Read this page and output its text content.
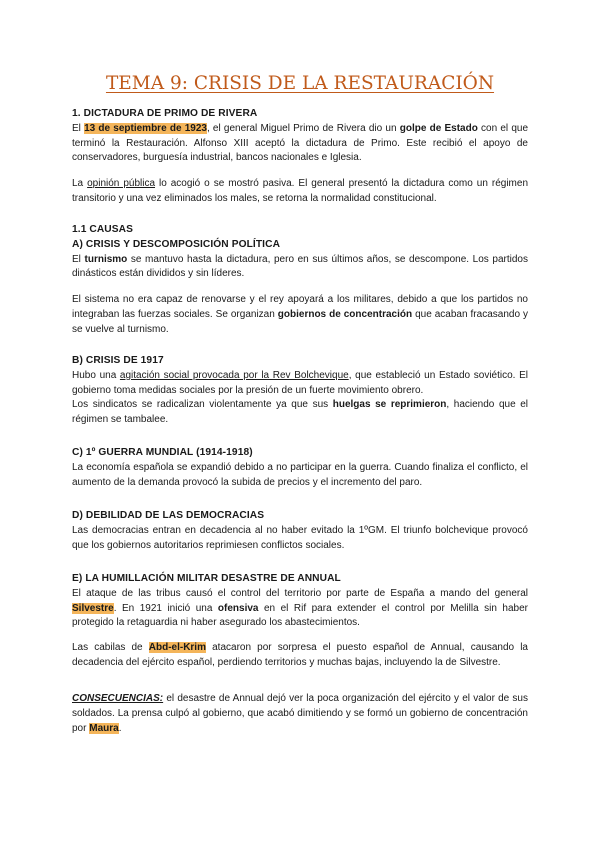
TEMA 9: CRISIS DE LA RESTAURACIÓN
1. DICTADURA DE PRIMO DE RIVERA

El 13 de septiembre de 1923, el general Miguel Primo de Rivera dio un golpe de Estado con el que terminó la Restauración. Alfonso XIII aceptó la dictadura de Primo. Este recibió el apoyo de conservadores, burguesía industrial, bancos nacionales e Iglesia.

La opinión pública lo acogió o se mostró pasiva. El general presentó la dictadura como un régimen transitorio y una vez eliminados los males, se retorna la normalidad constitucional.

1.1 CAUSAS
A) CRISIS Y DESCOMPOSICIÓN POLÍTICA

El turnismo se mantuvo hasta la dictadura, pero en sus últimos años, se descompone. Los partidos dinásticos están divididos y sin líderes.

El sistema no era capaz de renovarse y el rey apoyará a los militares, debido a que los partidos no integraban las fuerzas sociales. Se organizan gobiernos de concentración que acaban fracasando y se vuelve al turnismo.

B) CRISIS DE 1917

Hubo una agitación social provocada por la Rev Bolchevique, que estableció un Estado soviético. El gobierno toma medidas sociales por la presión de un fuerte movimiento obrero.

Los sindicatos se radicalizan violentamente ya que sus huelgas se reprimieron, haciendo que el régimen se tambalee.

C) 1º GUERRA MUNDIAL (1914-1918)

La economía española se expandió debido a no participar en la guerra. Cuando finaliza el conflicto, el aumento de la demanda provocó la subida de precios y el incremento del paro.

D) DEBILIDAD DE LAS DEMOCRACIAS

Las democracias entran en decadencia al no haber evitado la 1ºGM. El triunfo bolchevique provocó que los gobiernos autoritarios reprimiesen conflictos sociales.

E) LA HUMILLACIÓN MILITAR DESASTRE DE ANNUAL

El ataque de las tribus causó el control del territorio por parte de España a mando del general Silvestre. En 1921 inició una ofensiva en el Rif para extender el control por Melilla sin haber protegido la retaguardia ni haber asegurado los abastecimientos.

Las cabilas de Abd-el-Krim atacaron por sorpresa el puesto español de Annual, causando la decadencia del ejército español, perdiendo territorios y muchas bajas, incluyendo la de Silvestre.

CONSECUENCIAS: el desastre de Annual dejó ver la poca organización del ejército y el valor de sus soldados. La prensa culpó al gobierno, que acabó dimitiendo y se formó un gobierno de concentración por Maura.
